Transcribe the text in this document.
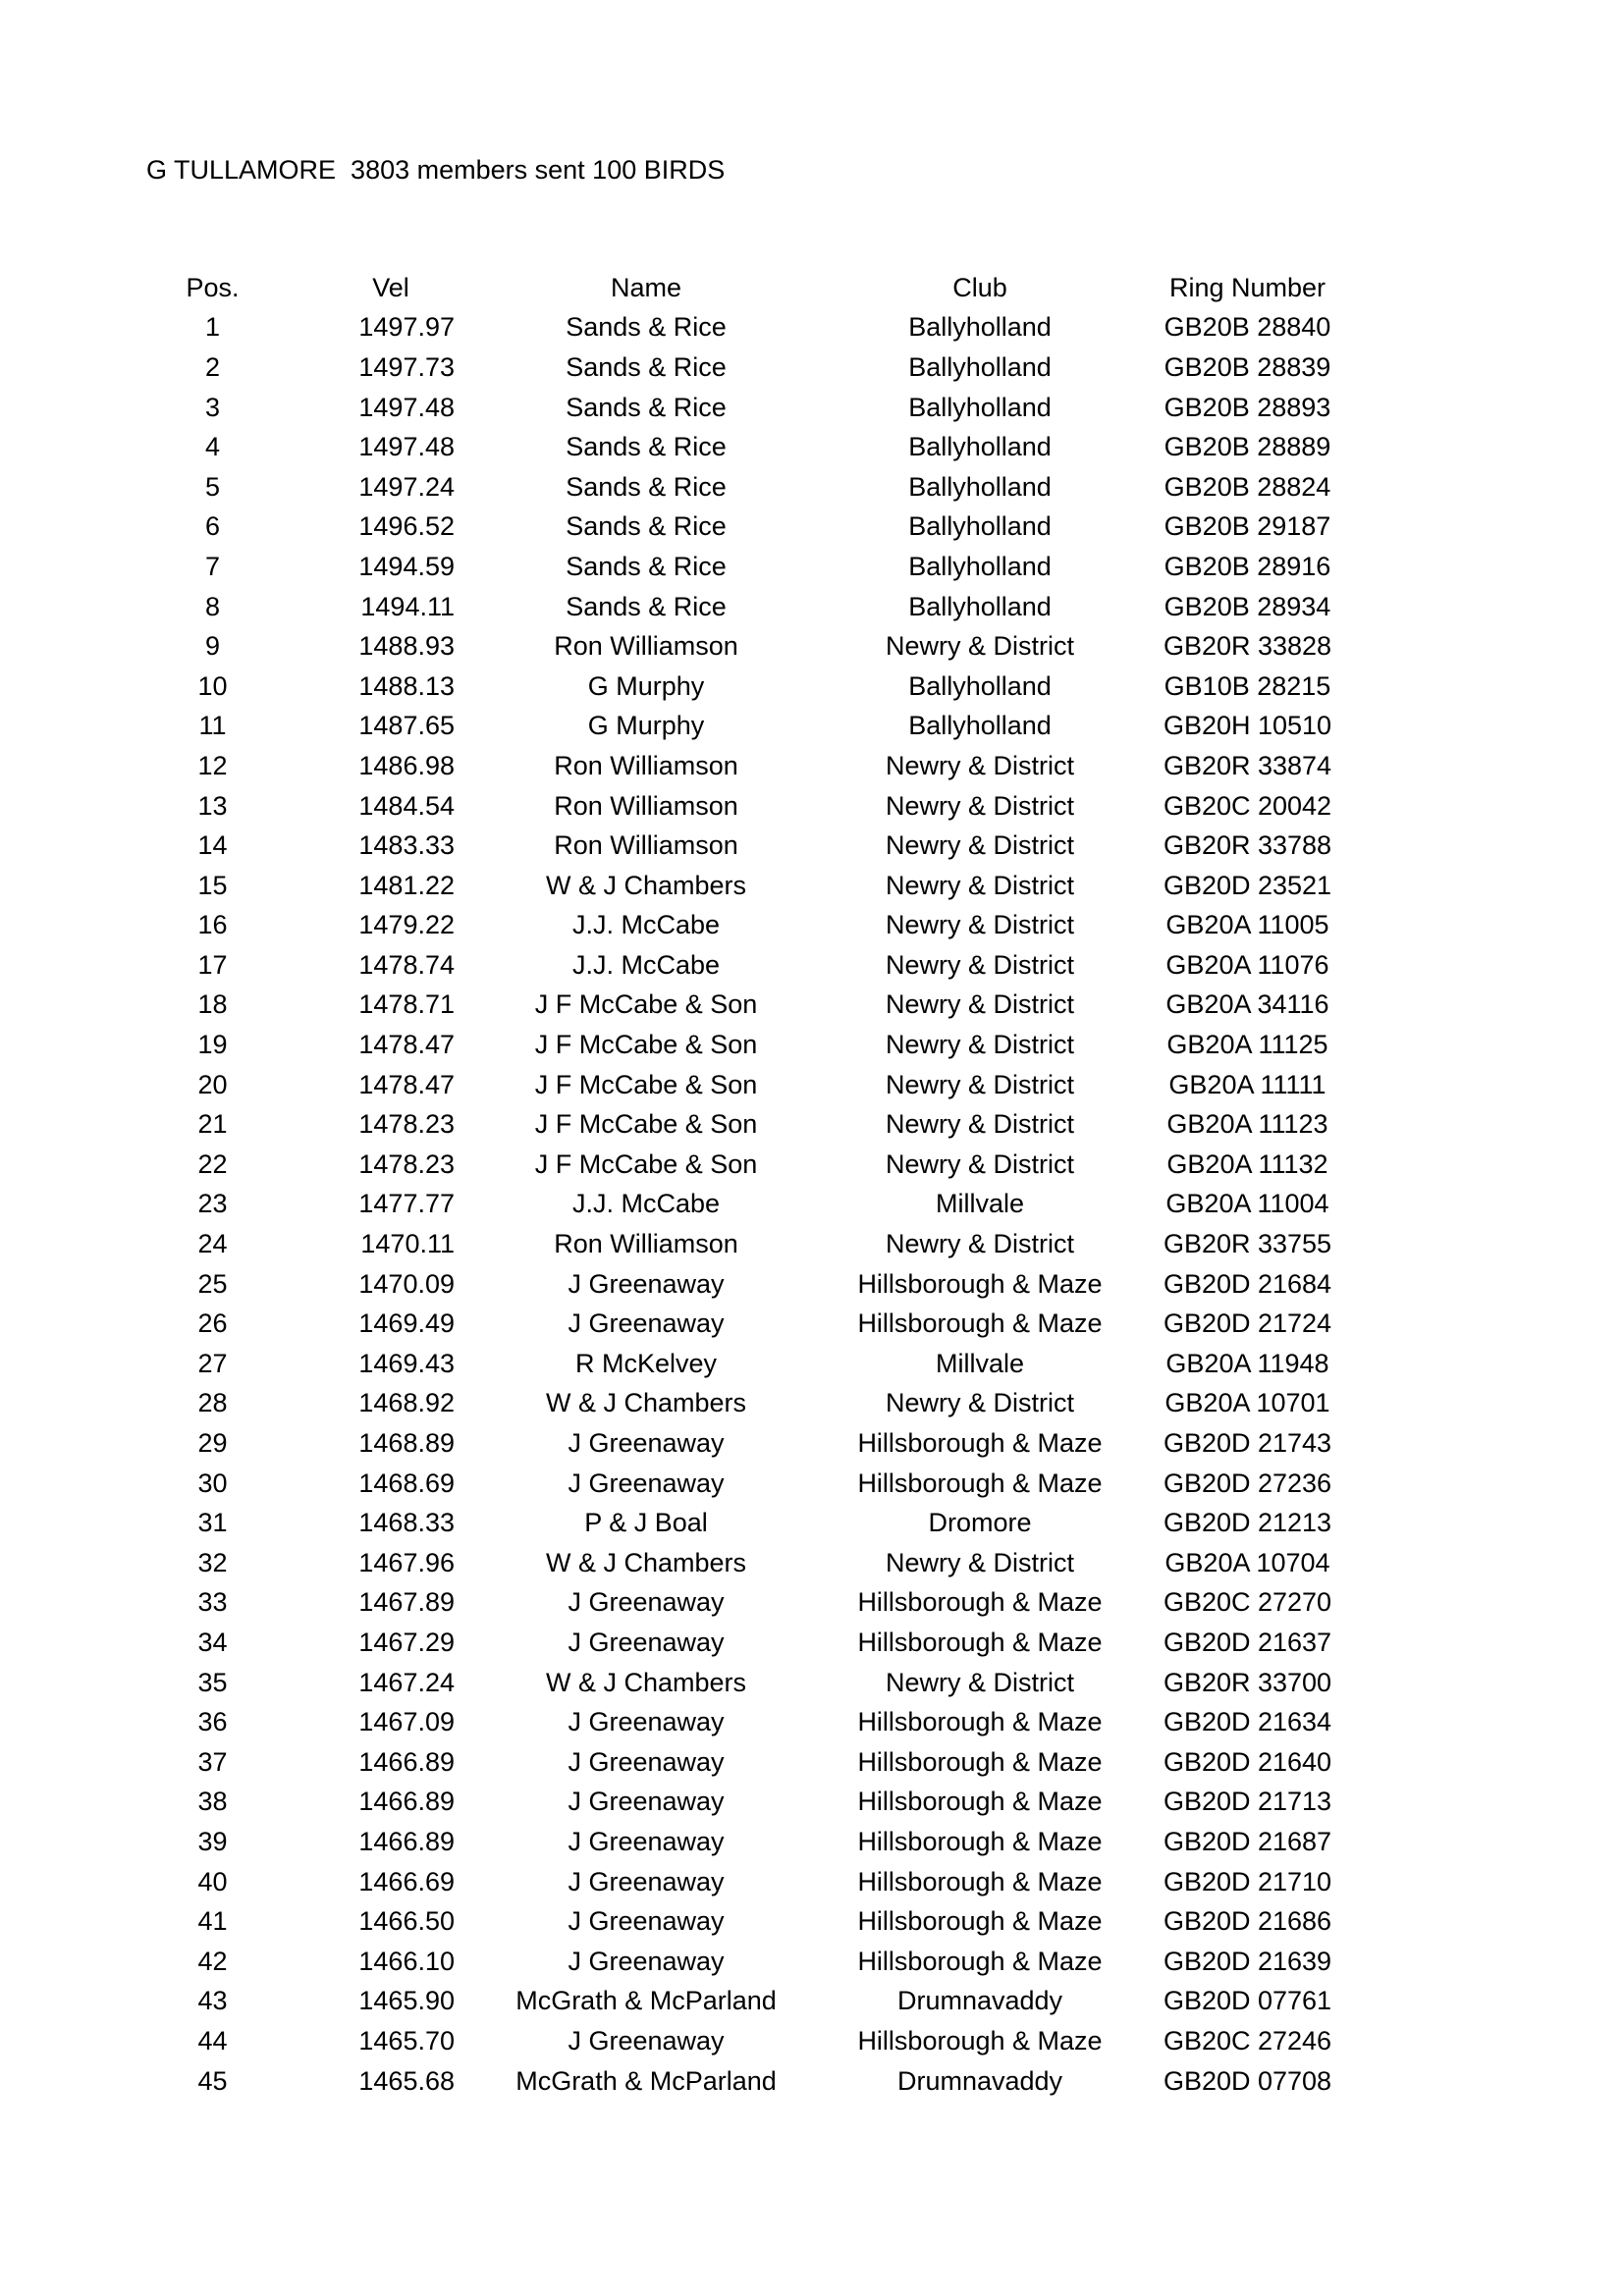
G TULLAMORE  3803 members sent 100 BIRDS
	Pos.	Vel		Name	Club	Ring Number
	1	1497.97		Sands & Rice	Ballyholland	GB20B 28840
	2	1497.73		Sands & Rice	Ballyholland	GB20B 28839
	3	1497.48		Sands & Rice	Ballyholland	GB20B 28893
	4	1497.48		Sands & Rice	Ballyholland	GB20B 28889
	5	1497.24		Sands & Rice	Ballyholland	GB20B 28824
	6	1496.52		Sands & Rice	Ballyholland	GB20B 29187
	7	1494.59		Sands & Rice	Ballyholland	GB20B 28916
	8	1494.11		Sands & Rice	Ballyholland	GB20B 28934
	9	1488.93		Ron Williamson	Newry & District	GB20R 33828
	10	1488.13		G Murphy	Ballyholland	GB10B 28215
	11	1487.65		G Murphy	Ballyholland	GB20H 10510
	12	1486.98		Ron Williamson	Newry & District	GB20R 33874
	13	1484.54		Ron Williamson	Newry & District	GB20C 20042
	14	1483.33		Ron Williamson	Newry & District	GB20R 33788
	15	1481.22		W & J Chambers	Newry & District	GB20D 23521
	16	1479.22		J.J. McCabe	Newry & District	GB20A 11005
	17	1478.74		J.J. McCabe	Newry & District	GB20A 11076
	18	1478.71		J F McCabe & Son	Newry & District	GB20A 34116
	19	1478.47		J F McCabe & Son	Newry & District	GB20A 11125
	20	1478.47		J F McCabe & Son	Newry & District	GB20A 11111
	21	1478.23		J F McCabe & Son	Newry & District	GB20A 11123
	22	1478.23		J F McCabe & Son	Newry & District	GB20A 11132
	23	1477.77		J.J. McCabe	Millvale	GB20A 11004
	24	1470.11		Ron Williamson	Newry & District	GB20R 33755
	25	1470.09		J Greenaway	Hillsborough & Maze	GB20D 21684
	26	1469.49		J Greenaway	Hillsborough & Maze	GB20D 21724
	27	1469.43		R McKelvey	Millvale	GB20A 11948
	28	1468.92		W & J Chambers	Newry & District	GB20A 10701
	29	1468.89		J Greenaway	Hillsborough & Maze	GB20D 21743
	30	1468.69		J Greenaway	Hillsborough & Maze	GB20D 27236
	31	1468.33		P & J Boal	Dromore	GB20D 21213
	32	1467.96		W & J Chambers	Newry & District	GB20A 10704
	33	1467.89		J Greenaway	Hillsborough & Maze	GB20C 27270
	34	1467.29		J Greenaway	Hillsborough & Maze	GB20D 21637
	35	1467.24		W & J Chambers	Newry & District	GB20R 33700
	36	1467.09		J Greenaway	Hillsborough & Maze	GB20D 21634
	37	1466.89		J Greenaway	Hillsborough & Maze	GB20D 21640
	38	1466.89		J Greenaway	Hillsborough & Maze	GB20D 21713
	39	1466.89		J Greenaway	Hillsborough & Maze	GB20D 21687
	40	1466.69		J Greenaway	Hillsborough & Maze	GB20D 21710
	41	1466.50		J Greenaway	Hillsborough & Maze	GB20D 21686
	42	1466.10		J Greenaway	Hillsborough & Maze	GB20D 21639
	43	1465.90		McGrath & McParland	Drumnavaddy	GB20D 07761
	44	1465.70		J Greenaway	Hillsborough & Maze	GB20C 27246
	45	1465.68		McGrath & McParland	Drumnavaddy	GB20D 07708
